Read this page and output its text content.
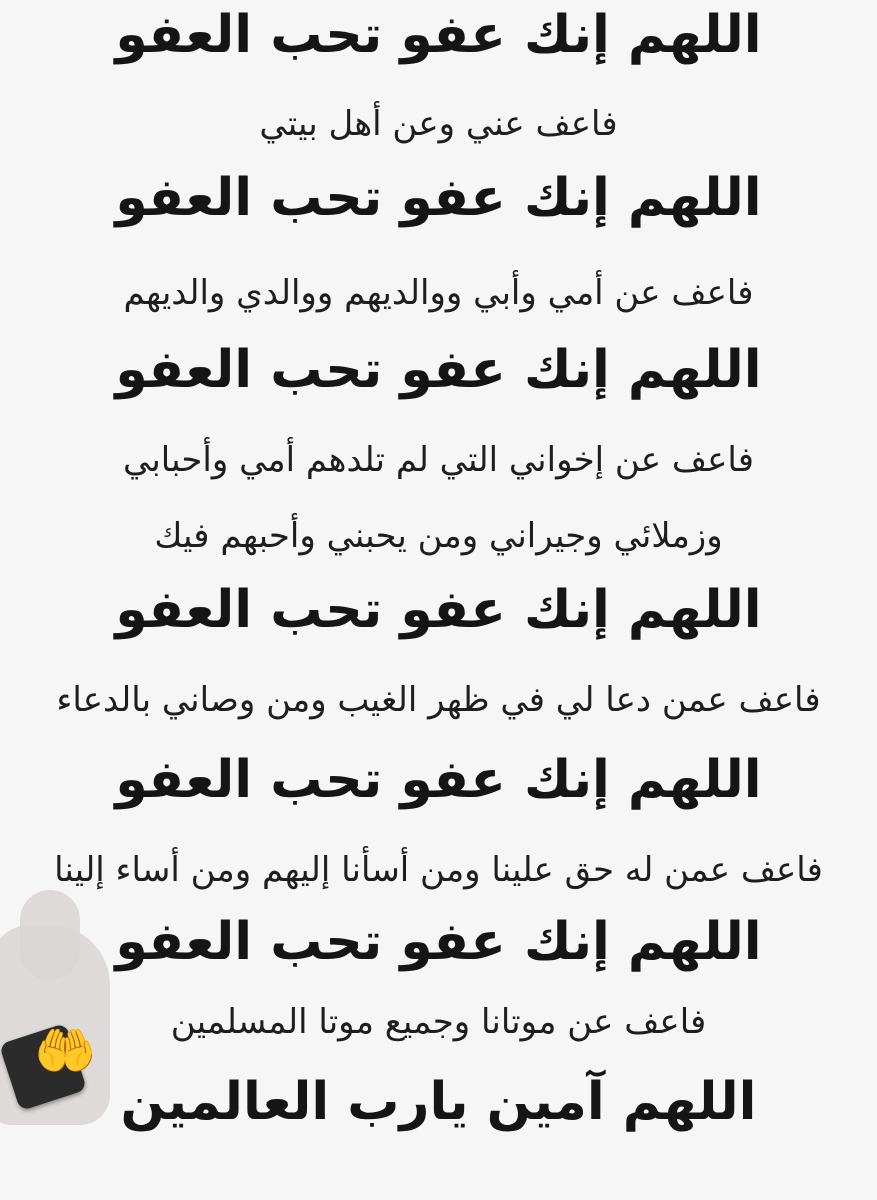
اللهم إنك عفو تحب العفو
فاعف عني وعن أهل بيتي
اللهم إنك عفو تحب العفو
فاعف عن أمي وأبي ووالديهم ووالدي والديهم
اللهم إنك عفو تحب العفو
فاعف عن إخواني التي لم تلدهم أمي وأحبابي
وزملائي وجيراني ومن يحبني وأحبهم فيك
اللهم إنك عفو تحب العفو
فاعف عمن دعا لي في ظهر الغيب ومن وصاني بالدعاء
اللهم إنك عفو تحب العفو
فاعف عمن له حق علينا ومن أسأنا إليهم ومن أساء إلينا
اللهم إنك عفو تحب العفو
فاعف عن موتانا وجميع موتا المسلمين
اللهم آمين يارب العالمين
🤲
